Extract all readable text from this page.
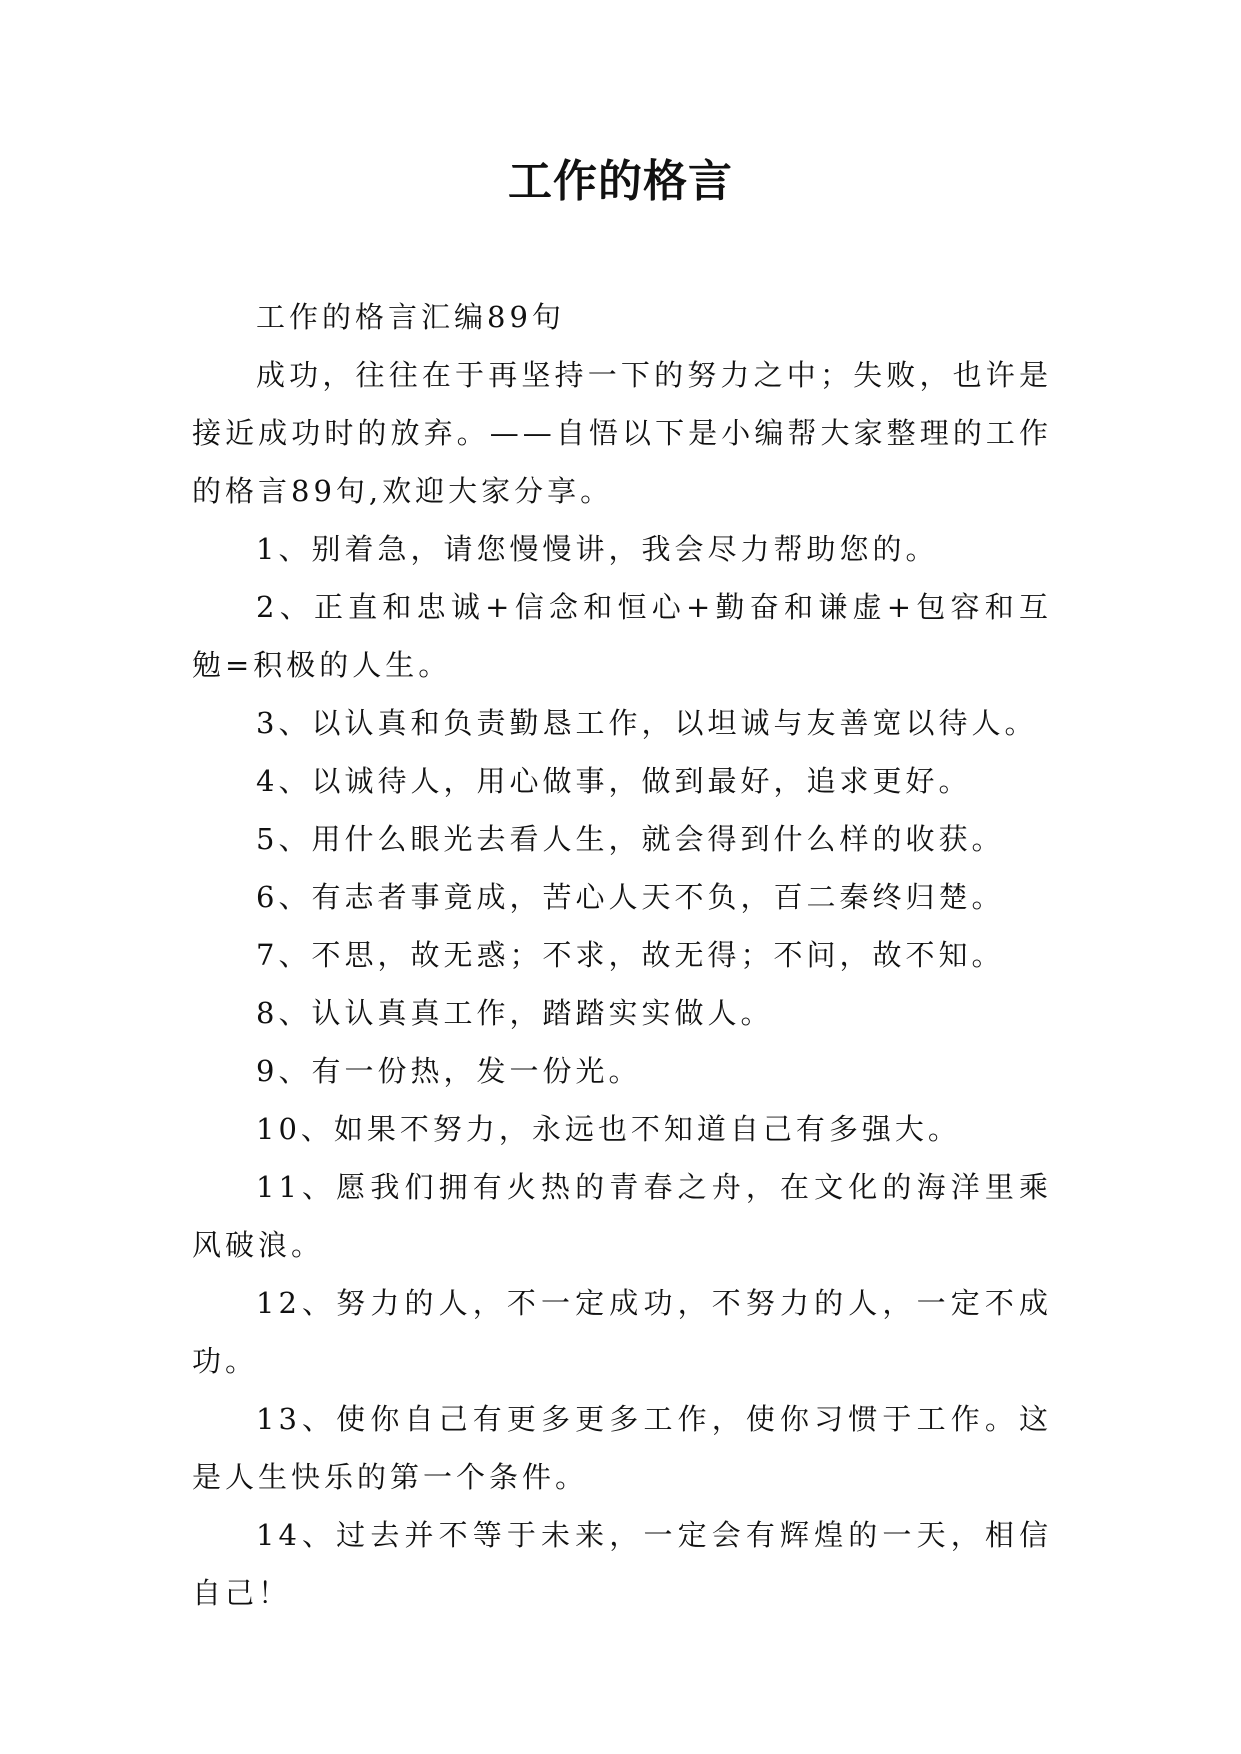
工作的格言

工作的格言汇编89句

成功，往往在于再坚持一下的努力之中；失败，也许是接近成功时的放弃。——自悟以下是小编帮大家整理的工作的格言89句,欢迎大家分享。

1、别着急，请您慢慢讲，我会尽力帮助您的。

2、正直和忠诚+信念和恒心+勤奋和谦虚+包容和互勉=积极的人生。

3、以认真和负责勤恳工作，以坦诚与友善宽以待人。

4、以诚待人，用心做事，做到最好，追求更好。

5、用什么眼光去看人生，就会得到什么样的收获。

6、有志者事竟成，苦心人天不负，百二秦终归楚。

7、不思，故无惑；不求，故无得；不问，故不知。

8、认认真真工作，踏踏实实做人。

9、有一份热，发一份光。

10、如果不努力，永远也不知道自己有多强大。

11、愿我们拥有火热的青春之舟，在文化的海洋里乘风破浪。

12、努力的人，不一定成功，不努力的人，一定不成功。

13、使你自己有更多更多工作，使你习惯于工作。这是人生快乐的第一个条件。

14、过去并不等于未来，一定会有辉煌的一天，相信自己！
